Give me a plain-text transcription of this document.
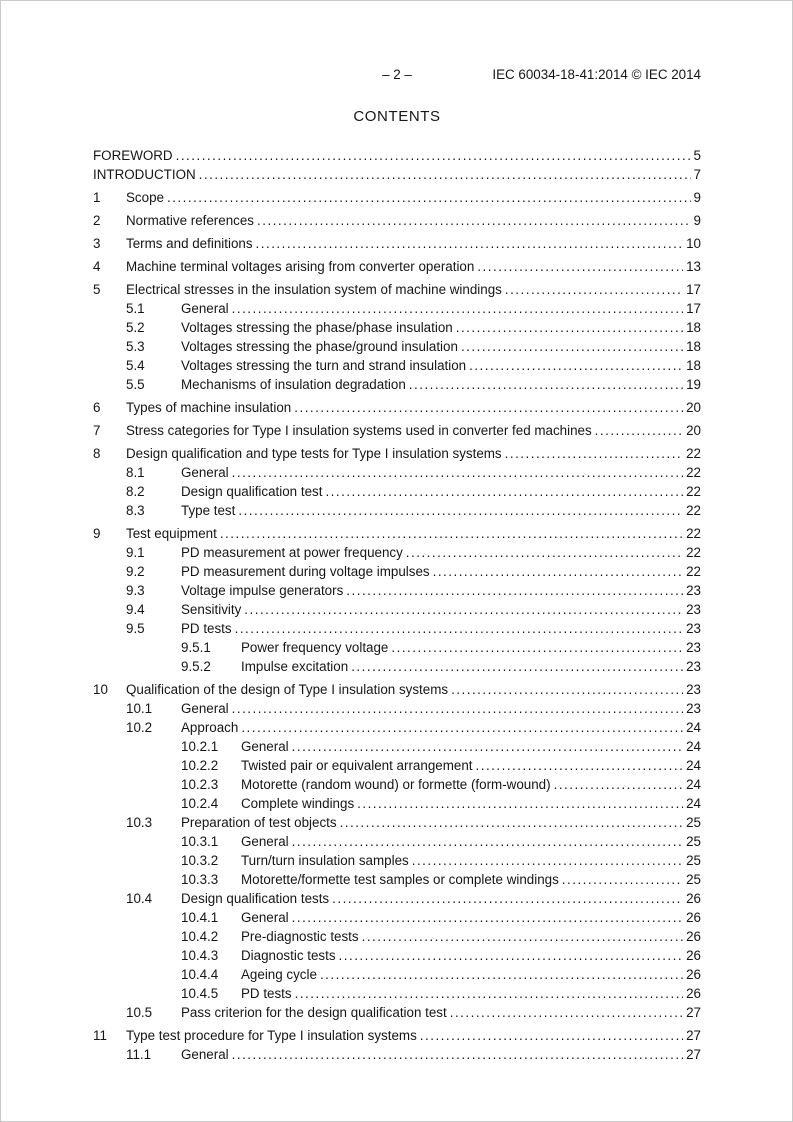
– 2 –	IEC 60034-18-41:2014 © IEC 2014
CONTENTS
FOREWORD .....	5
INTRODUCTION .....	7
1	Scope .....	9
2	Normative references .....	9
3	Terms and definitions .....	10
4	Machine terminal voltages arising from converter operation .....	13
5	Electrical stresses in the insulation system of machine windings .....	17
5.1	General .....	17
5.2	Voltages stressing the phase/phase insulation .....	18
5.3	Voltages stressing the phase/ground insulation .....	18
5.4	Voltages stressing the turn and strand insulation .....	18
5.5	Mechanisms of insulation degradation .....	19
6	Types of machine insulation .....	20
7	Stress categories for Type I insulation systems used in converter fed machines .....	20
8	Design qualification and type tests for Type I insulation systems .....	22
8.1	General .....	22
8.2	Design qualification test .....	22
8.3	Type test .....	22
9	Test equipment .....	22
9.1	PD measurement at power frequency .....	22
9.2	PD measurement during voltage impulses .....	22
9.3	Voltage impulse generators .....	23
9.4	Sensitivity .....	23
9.5	PD tests .....	23
9.5.1	Power frequency voltage .....	23
9.5.2	Impulse excitation .....	23
10	Qualification of the design of Type I insulation systems .....	23
10.1	General .....	23
10.2	Approach .....	24
10.2.1	General .....	24
10.2.2	Twisted pair or equivalent arrangement .....	24
10.2.3	Motorette (random wound) or formette (form-wound) .....	24
10.2.4	Complete windings .....	24
10.3	Preparation of test objects .....	25
10.3.1	General .....	25
10.3.2	Turn/turn insulation samples .....	25
10.3.3	Motorette/formette test samples or complete windings .....	25
10.4	Design qualification tests .....	26
10.4.1	General .....	26
10.4.2	Pre-diagnostic tests .....	26
10.4.3	Diagnostic tests .....	26
10.4.4	Ageing cycle .....	26
10.4.5	PD tests .....	26
10.5	Pass criterion for the design qualification test .....	27
11	Type test procedure for Type I insulation systems .....	27
11.1	General .....	27
